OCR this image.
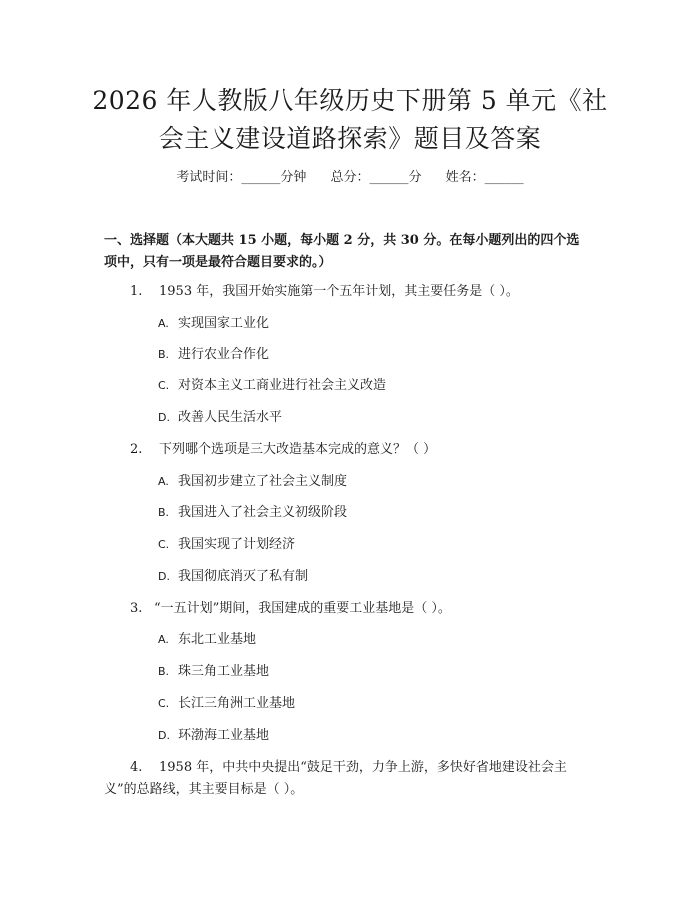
2026 年人教版八年级历史下册第 5 单元《社
会主义建设道路探索》题目及答案
考试时间：______分钟 总分：______分 姓名：______
一、选择题（本大题共 15 小题，每小题 2 分，共 30 分。在每小题列出的四个选
项中，只有一项是最符合题目要求的。）
1.	1953 年，我国开始实施第一个五年计划，其主要任务是（ ）。
A. 实现国家工业化
B. 进行农业合作化
C. 对资本主义工商业进行社会主义改造
D. 改善人民生活水平
2.	下列哪个选项是三大改造基本完成的意义？（ ）
A. 我国初步建立了社会主义制度
B. 我国进入了社会主义初级阶段
C. 我国实现了计划经济
D. 我国彻底消灭了私有制
3. “一五计划”期间，我国建成的重要工业基地是（ ）。
A. 东北工业基地
B. 珠三角工业基地
C. 长江三角洲工业基地
D. 环渤海工业基地
4.	1958 年，中共中央提出“鼓足干劲，力争上游，多快好省地建设社会主
义”的总路线，其主要目标是（ ）。
